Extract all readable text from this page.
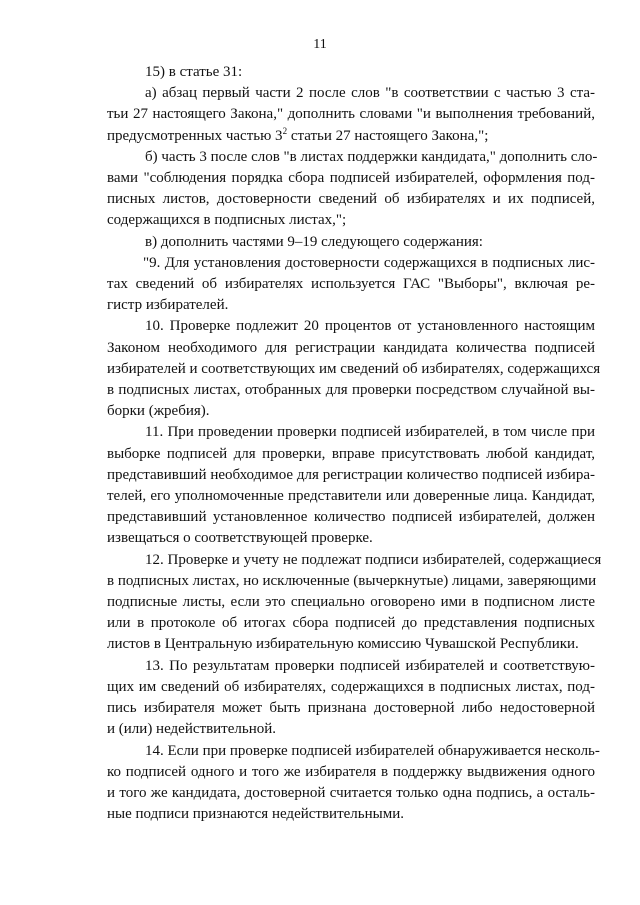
11
15) в статье 31:
а) абзац первый части 2 после слов "в соответствии с частью 3 ста-
тьи 27 настоящего Закона," дополнить словами "и выполнения требований,
предусмотренных частью $3^2$ статьи 27 настоящего Закона,";
б) часть 3 после слов "в листах поддержки кандидата," дополнить сло-
вами "соблюдения порядка сбора подписей избирателей, оформления под-
писных листов, достоверности сведений об избирателях и их подписей,
содержащихся в подписных листах,";
в) дополнить частями 9–19 следующего содержания:
"9. Для установления достоверности содержащихся в подписных лис-
тах сведений об избирателях используется ГАС "Выборы", включая ре-
гистр избирателей.
10. Проверке подлежит 20 процентов от установленного настоящим
Законом необходимого для регистрации кандидата количества подписей
избирателей и соответствующих им сведений об избирателях, содержащихся
в подписных листах, отобранных для проверки посредством случайной вы-
борки (жребия).
11. При проведении проверки подписей избирателей, в том числе при
выборке подписей для проверки, вправе присутствовать любой кандидат,
представивший необходимое для регистрации количество подписей избира-
телей, его уполномоченные представители или доверенные лица. Кандидат,
представивший установленное количество подписей избирателей, должен
извещаться о соответствующей проверке.
12. Проверке и учету не подлежат подписи избирателей, содержащиеся
в подписных листах, но исключенные (вычеркнутые) лицами, заверяющими
подписные листы, если это специально оговорено ими в подписном листе
или в протоколе об итогах сбора подписей до представления подписных
листов в Центральную избирательную комиссию Чувашской Республики.
13. По результатам проверки подписей избирателей и соответствую-
щих им сведений об избирателях, содержащихся в подписных листах, под-
пись избирателя может быть признана достоверной либо недостоверной
и (или) недействительной.
14. Если при проверке подписей избирателей обнаруживается несколь-
ко подписей одного и того же избирателя в поддержку выдвижения одного
и того же кандидата, достоверной считается только одна подпись, а осталь-
ные подписи признаются недействительными.
